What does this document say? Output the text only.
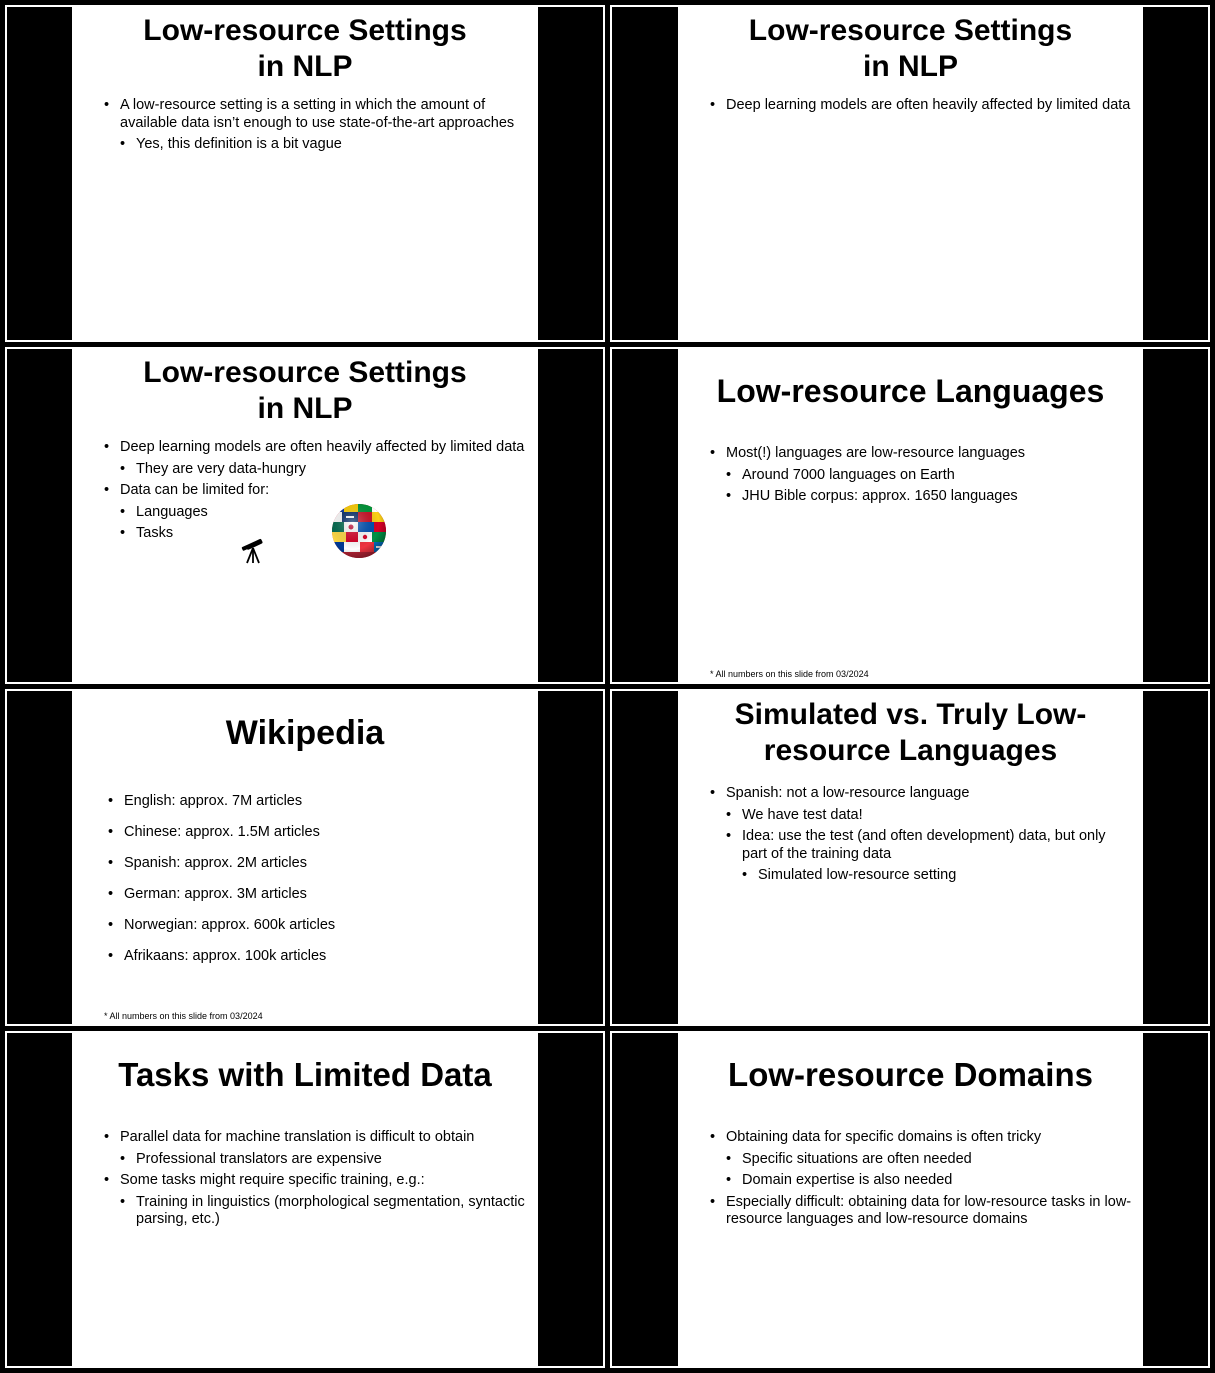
Low-resource Settings
in NLP
• A low-resource setting is a setting in which the amount of available data isn’t enough to use state-of-the-art approaches
• Yes, this definition is a bit vague
Low-resource Settings
in NLP
• Deep learning models are often heavily affected by limited data
Low-resource Settings
in NLP
• Deep learning models are often heavily affected by limited data
• They are very data-hungry
• Data can be limited for:
• Languages
• Tasks
Low-resource Languages
• Most(!) languages are low-resource languages
• Around 7000 languages on Earth
• JHU Bible corpus: approx. 1650 languages
* All numbers on this slide from 03/2024
Wikipedia
• English: approx. 7M articles
• Chinese: approx. 1.5M articles
• Spanish: approx. 2M articles
• German: approx. 3M articles
• Norwegian: approx. 600k articles
• Afrikaans: approx. 100k articles
* All numbers on this slide from 03/2024
Simulated vs. Truly Low-
resource Languages
• Spanish: not a low-resource language
• We have test data!
• Idea: use the test (and often development) data, but only part of the training data
• Simulated low-resource setting
Tasks with Limited Data
• Parallel data for machine translation is difficult to obtain
• Professional translators are expensive
• Some tasks might require specific training, e.g.:
• Training in linguistics (morphological segmentation, syntactic parsing, etc.)
Low-resource Domains
• Obtaining data for specific domains is often tricky
• Specific situations are often needed
• Domain expertise is also needed
• Especially difficult: obtaining data for low-resource tasks in low-resource languages and low-resource domains
